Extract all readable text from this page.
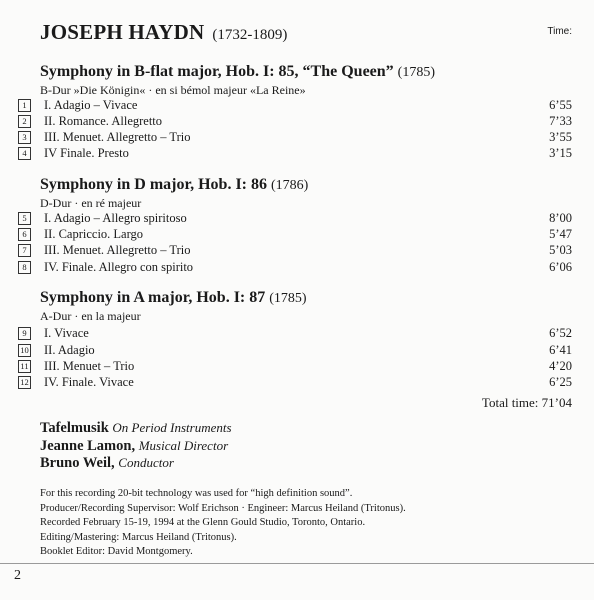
JOSEPH HAYDN (1732-1809)	Time:
Symphony in B-flat major, Hob. I: 85, “The Queen” (1785)
B-Dur »Die Königin« · en si bémol majeur «La Reine»
1	I. Adagio – Vivace	6’55
2	II. Romance. Allegretto	7’33
3	III. Menuet. Allegretto – Trio	3’55
4	IV Finale. Presto	3’15
Symphony in D major, Hob. I: 86 (1786)
D-Dur · en ré majeur
5	I. Adagio – Allegro spiritoso	8’00
6	II. Capriccio. Largo	5’47
7	III. Menuet. Allegretto – Trio	5’03
8	IV. Finale. Allegro con spirito	6’06
Symphony in A major, Hob. I: 87 (1785)
A-Dur · en la majeur
9	I. Vivace	6’52
10 II. Adagio	6’41
11 III. Menuet – Trio	4’20
12 IV. Finale. Vivace	6’25
Total time: 71’04
Tafelmusik On Period Instruments
Jeanne Lamon, Musical Director
Bruno Weil, Conductor
For this recording 20-bit technology was used for “high definition sound”.
Producer/Recording Supervisor: Wolf Erichson · Engineer: Marcus Heiland (Tritonus).
Recorded February 15-19, 1994 at the Glenn Gould Studio, Toronto, Ontario.
Editing/Mastering: Marcus Heiland (Tritonus).
Booklet Editor: David Montgomery.
2
